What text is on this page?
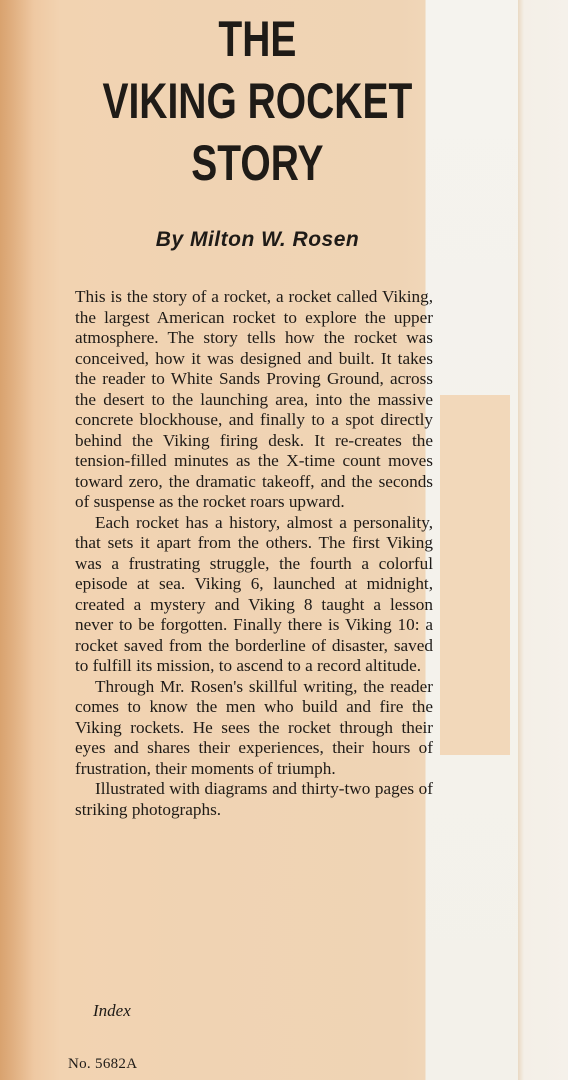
THE
VIKING ROCKET
STORY
By Milton W. Rosen

This is the story of a rocket, a rocket called Viking, the largest American rocket to explore the upper atmosphere. The story tells how the rocket was conceived, how it was designed and built. It takes the reader to White Sands Proving Ground, across the desert to the launching area, into the massive concrete blockhouse, and finally to a spot directly behind the Viking firing desk. It re-creates the tension-filled minutes as the X-time count moves toward zero, the dramatic takeoff, and the seconds of suspense as the rocket roars upward.

Each rocket has a history, almost a personality, that sets it apart from the others. The first Viking was a frustrating struggle, the fourth a colorful episode at sea. Viking 6, launched at midnight, created a mystery and Viking 8 taught a lesson never to be forgotten. Finally there is Viking 10: a rocket saved from the borderline of disaster, saved to fulfill its mission, to ascend to a record altitude.

Through Mr. Rosen's skillful writing, the reader comes to know the men who build and fire the Viking rockets. He sees the rocket through their eyes and shares their experiences, their hours of frustration, their moments of triumph.

Illustrated with diagrams and thirty-two pages of striking photographs.

Index
No. 5682A
